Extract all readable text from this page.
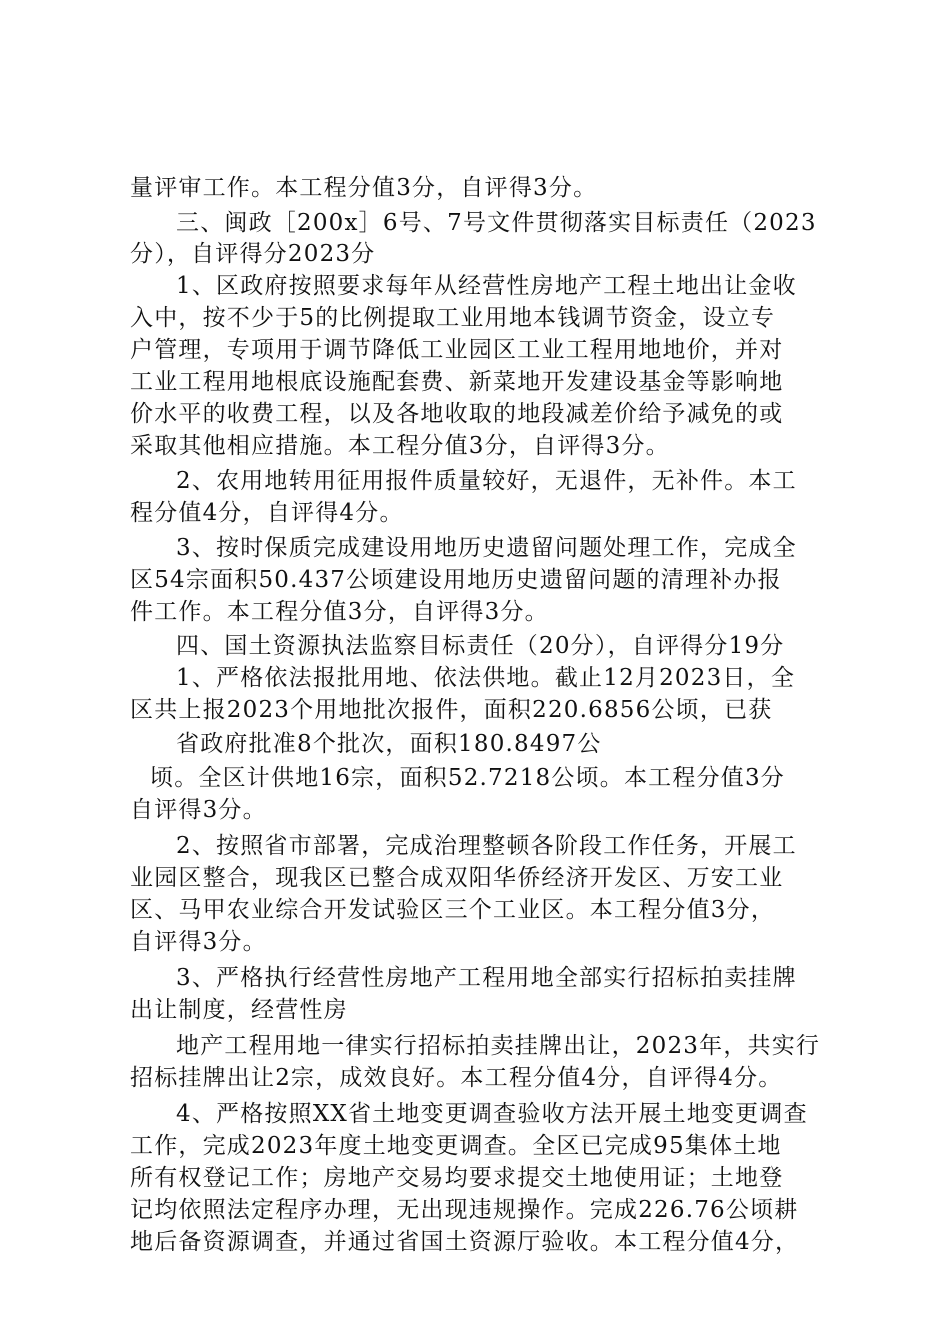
量评审工作。本工程分值3分，自评得3分。
三、闽政［200x］6号、7号文件贯彻落实目标责任（2023
分），自评得分2023分
1、区政府按照要求每年从经营性房地产工程土地出让金收
入中，按不少于5的比例提取工业用地本钱调节资金，设立专
户管理，专项用于调节降低工业园区工业工程用地地价，并对
工业工程用地根底设施配套费、新菜地开发建设基金等影响地
价水平的收费工程，以及各地收取的地段减差价给予减免的或
采取其他相应措施。本工程分值3分，自评得3分。
2、农用地转用征用报件质量较好，无退件，无补件。本工
程分值4分，自评得4分。
3、按时保质完成建设用地历史遗留问题处理工作，完成全
区54宗面积50.437公顷建设用地历史遗留问题的清理补办报
件工作。本工程分值3分，自评得3分。
四、国土资源执法监察目标责任（20分），自评得分19分
1、严格依法报批用地、依法供地。截止12月2023日，全
区共上报2023个用地批次报件，面积220.6856公顷，已获
省政府批准8个批次，面积180.8497公
顷。全区计供地16宗，面积52.7218公顷。本工程分值3分
自评得3分。
2、按照省市部署，完成治理整顿各阶段工作任务，开展工
业园区整合，现我区已整合成双阳华侨经济开发区、万安工业
区、马甲农业综合开发试验区三个工业区。本工程分值3分，
自评得3分。
3、严格执行经营性房地产工程用地全部实行招标拍卖挂牌
出让制度，经营性房
地产工程用地一律实行招标拍卖挂牌出让，2023年，共实行
招标挂牌出让2宗，成效良好。本工程分值4分，自评得4分。
4、严格按照XX省土地变更调查验收方法开展土地变更调查
工作，完成2023年度土地变更调查。全区已完成95集体土地
所有权登记工作；房地产交易均要求提交土地使用证；土地登
记均依照法定程序办理，无出现违规操作。完成226.76公顷耕
地后备资源调查，并通过省国土资源厅验收。本工程分值4分，
